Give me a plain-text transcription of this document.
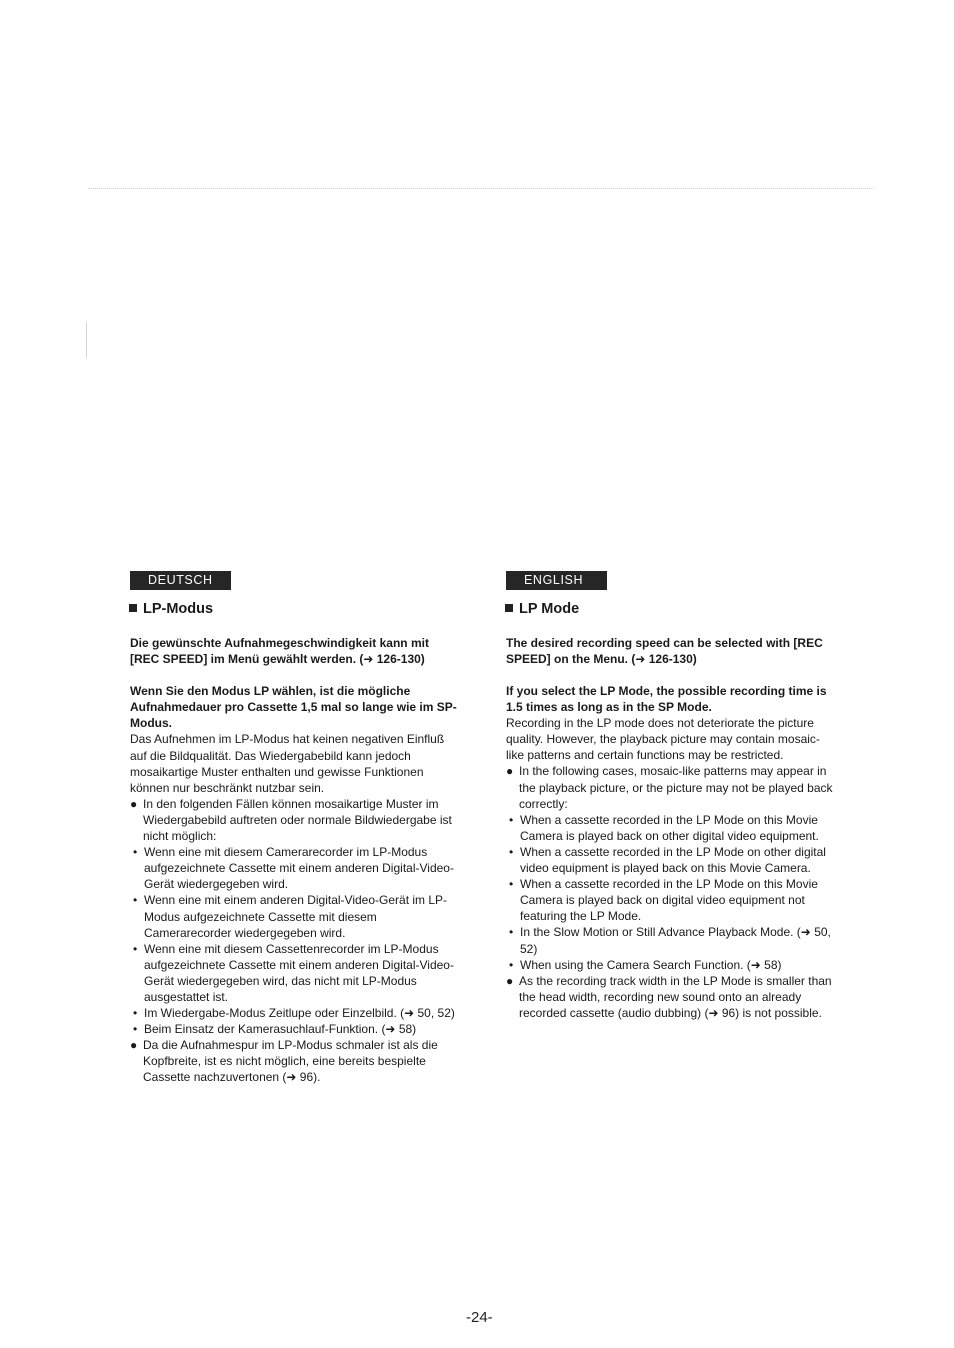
DEUTSCH
LP-Modus

Die gewünschte Aufnahmegeschwindigkeit kann mit [REC SPEED] im Menü gewählt werden. (➜ 126-130)

Wenn Sie den Modus LP wählen, ist die mögliche Aufnahmedauer pro Cassette 1,5 mal so lange wie im SP-Modus.

Das Aufnehmen im LP-Modus hat keinen negativen Einfluß auf die Bildqualität. Das Wiedergabebild kann jedoch mosaikartige Muster enthalten und gewisse Funktionen können nur beschränkt nutzbar sein.

● In den folgenden Fällen können mosaikartige Muster im Wiedergabebild auftreten oder normale Bildwiedergabe ist nicht möglich:
• Wenn eine mit diesem Camerarecorder im LP-Modus aufgezeichnete Cassette mit einem anderen Digital-Video-Gerät wiedergegeben wird.
• Wenn eine mit einem anderen Digital-Video-Gerät im LP-Modus aufgezeichnete Cassette mit diesem Camerarecorder wiedergegeben wird.
• Wenn eine mit diesem Cassettenrecorder im LP-Modus aufgezeichnete Cassette mit einem anderen Digital-Video-Gerät wiedergegeben wird, das nicht mit LP-Modus ausgestattet ist.
• Im Wiedergabe-Modus Zeitlupe oder Einzelbild. (➜ 50, 52)
• Beim Einsatz der Kamerasuchlauf-Funktion. (➜ 58)
● Da die Aufnahmespur im LP-Modus schmaler ist als die Kopfbreite, ist es nicht möglich, eine bereits bespielte Cassette nachzuvertonen (➜ 96).
ENGLISH
LP Mode

The desired recording speed can be selected with [REC SPEED] on the Menu. (➜ 126-130)

If you select the LP Mode, the possible recording time is 1.5 times as long as in the SP Mode.

Recording in the LP mode does not deteriorate the picture quality. However, the playback picture may contain mosaic-like patterns and certain functions may be restricted.

● In the following cases, mosaic-like patterns may appear in the playback picture, or the picture may not be played back correctly:
• When a cassette recorded in the LP Mode on this Movie Camera is played back on other digital video equipment.
• When a cassette recorded in the LP Mode on other digital video equipment is played back on this Movie Camera.
• When a cassette recorded in the LP Mode on this Movie Camera is played back on digital video equipment not featuring the LP Mode.
• In the Slow Motion or Still Advance Playback Mode. (➜ 50, 52)
• When using the Camera Search Function. (➜ 58)
● As the recording track width in the LP Mode is smaller than the head width, recording new sound onto an already recorded cassette (audio dubbing) (➜ 96) is not possible.
-24-
